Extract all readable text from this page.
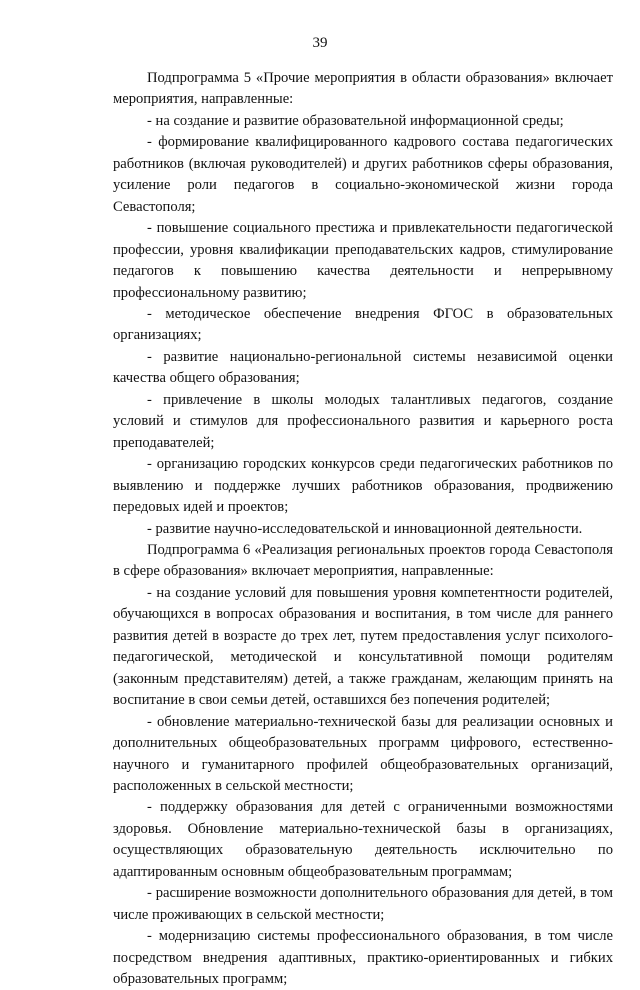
39

Подпрограмма 5 «Прочие мероприятия в области образования» включает мероприятия, направленные:

- на создание и развитие образовательной информационной среды;

- формирование квалифицированного кадрового состава педагогических работников (включая руководителей) и других работников сферы образования, усиление роли педагогов в социально-экономической жизни города Севастополя;

- повышение социального престижа и привлекательности педагогической профессии, уровня квалификации преподавательских кадров, стимулирование педагогов к повышению качества деятельности и непрерывному профессиональному развитию;

- методическое обеспечение внедрения ФГОС в образовательных организациях;

- развитие национально-региональной системы независимой оценки качества общего образования;

- привлечение в школы молодых талантливых педагогов, создание условий и стимулов для профессионального развития и карьерного роста преподавателей;

- организацию городских конкурсов среди педагогических работников по выявлению и поддержке лучших работников образования, продвижению передовых идей и проектов;

- развитие научно-исследовательской и инновационной деятельности.

Подпрограмма 6 «Реализация региональных проектов города Севастополя в сфере образования» включает мероприятия, направленные:

- на создание условий для повышения уровня компетентности родителей, обучающихся в вопросах образования и воспитания, в том числе для раннего развития детей в возрасте до трех лет, путем предоставления услуг психолого-педагогической, методической и консультативной помощи родителям (законным представителям) детей, а также гражданам, желающим принять на воспитание в свои семьи детей, оставшихся без попечения родителей;

- обновление материально-технической базы для реализации основных и дополнительных общеобразовательных программ цифрового, естественно-научного и гуманитарного профилей общеобразовательных организаций, расположенных в сельской местности;

- поддержку образования для детей с ограниченными возможностями здоровья. Обновление материально-технической базы в организациях, осуществляющих образовательную деятельность исключительно по адаптированным основным общеобразовательным программам;

- расширение возможности дополнительного образования для детей, в том числе проживающих в сельской местности;

- модернизацию системы профессионального образования, в том числе посредством внедрения адаптивных, практико-ориентированных и гибких образовательных программ;
